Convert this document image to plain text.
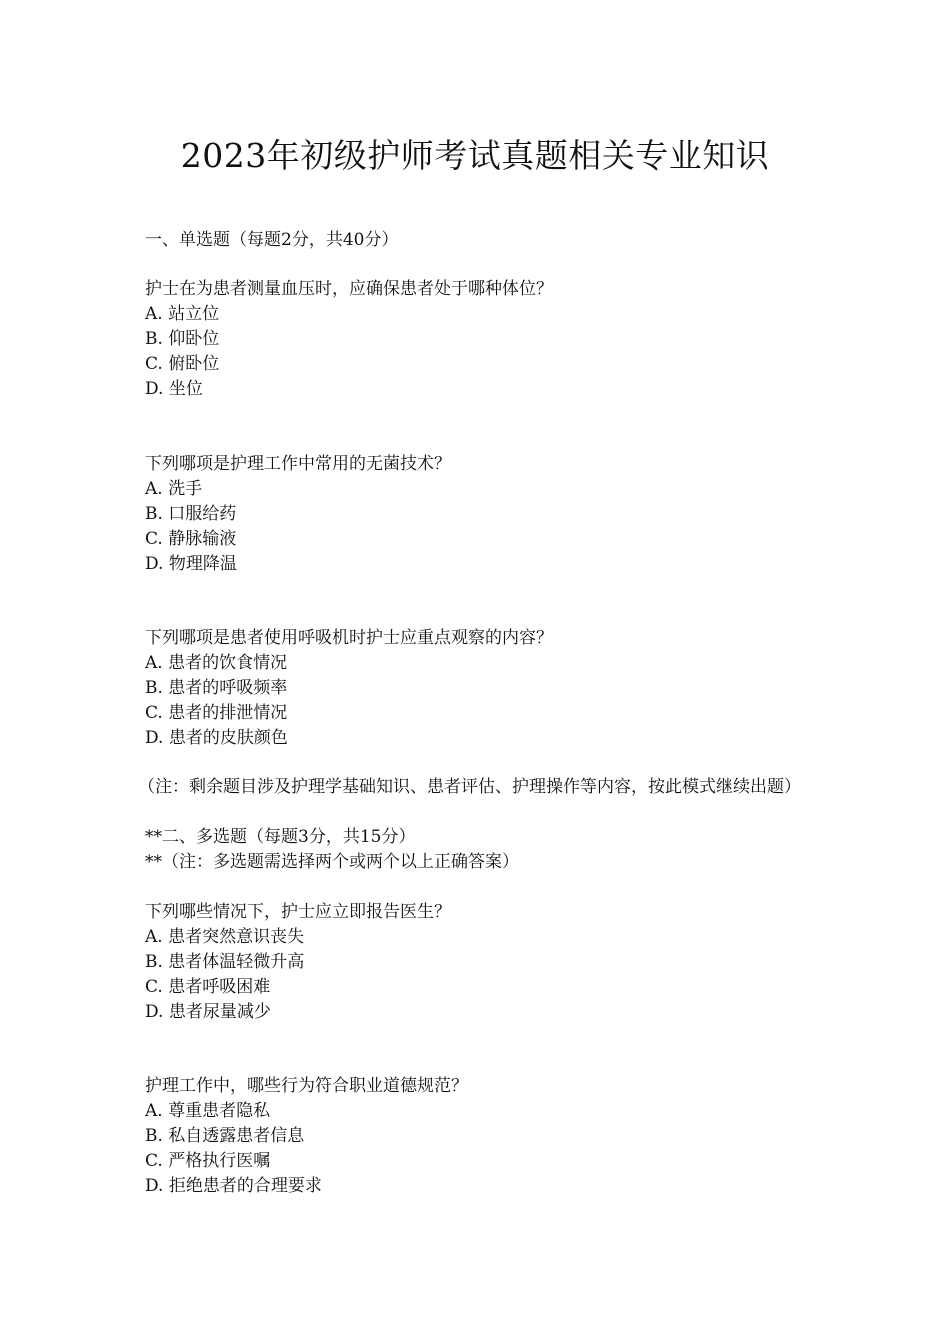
2023年初级护师考试真题相关专业知识
一、单选题（每题2分，共40分）
护士在为患者测量血压时，应确保患者处于哪种体位？
A. 站立位
B. 仰卧位
C. 俯卧位
D. 坐位
下列哪项是护理工作中常用的无菌技术？
A. 洗手
B. 口服给药
C. 静脉输液
D. 物理降温
下列哪项是患者使用呼吸机时护士应重点观察的内容？
A. 患者的饮食情况
B. 患者的呼吸频率
C. 患者的排泄情况
D. 患者的皮肤颜色
（注：剩余题目涉及护理学基础知识、患者评估、护理操作等内容，按此模式继续出题）
**二、多选题（每题3分，共15分）
**（注：多选题需选择两个或两个以上正确答案）
下列哪些情况下，护士应立即报告医生？
A. 患者突然意识丧失
B. 患者体温轻微升高
C. 患者呼吸困难
D. 患者尿量减少
护理工作中，哪些行为符合职业道德规范？
A. 尊重患者隐私
B. 私自透露患者信息
C. 严格执行医嘱
D. 拒绝患者的合理要求
